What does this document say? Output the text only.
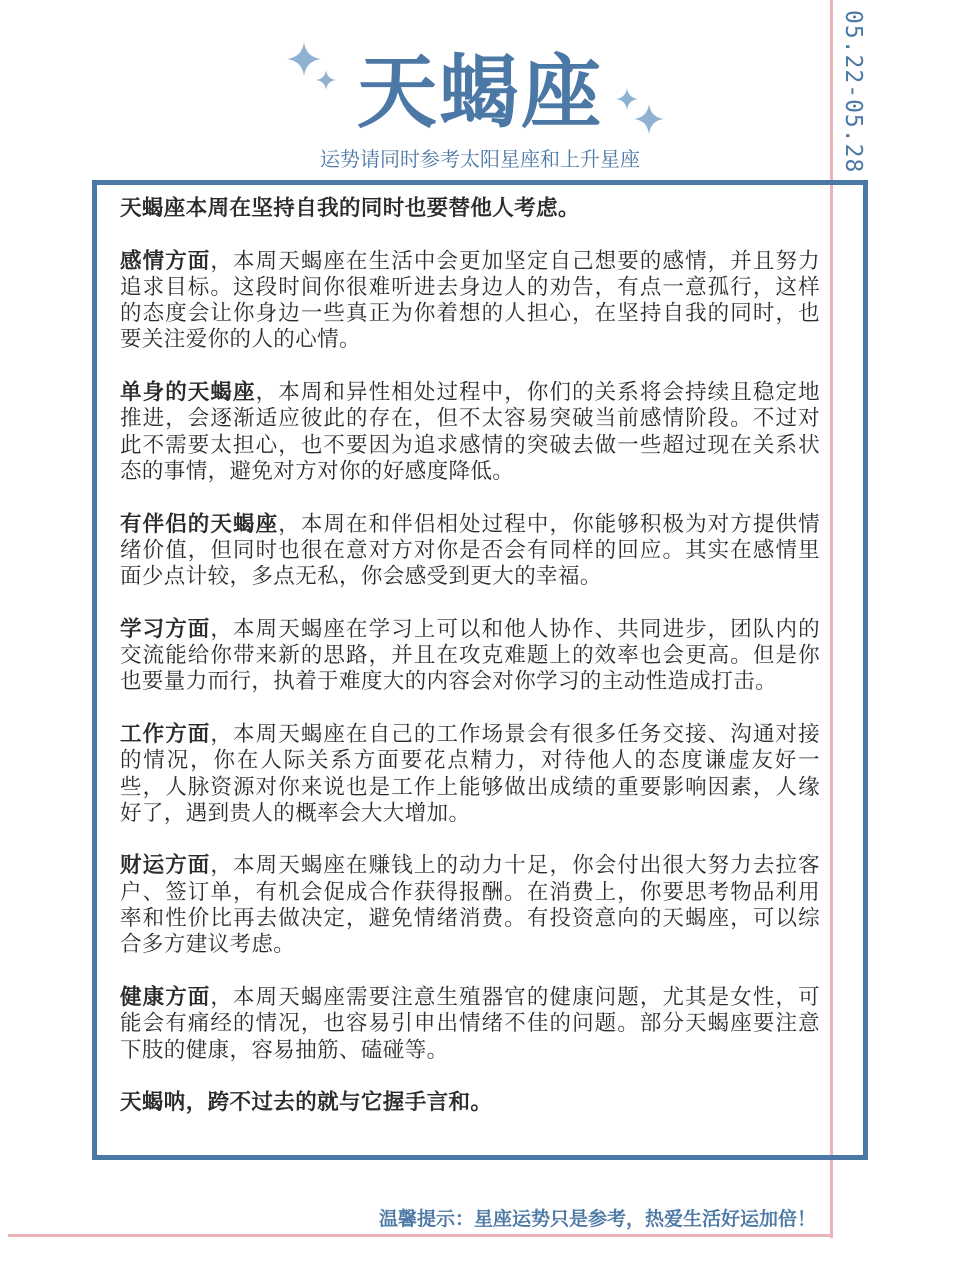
05.22-05.28
天蝎座
运势请同时参考太阳星座和上升星座

天蝎座本周在坚持自我的同时也要替他人考虑。

感情方面，本周天蝎座在生活中会更加坚定自己想要的感情，并且努力追求目标。这段时间你很难听进去身边人的劝告，有点一意孤行，这样的态度会让你身边一些真正为你着想的人担心，在坚持自我的同时，也要关注爱你的人的心情。

单身的天蝎座，本周和异性相处过程中，你们的关系将会持续且稳定地推进，会逐渐适应彼此的存在，但不太容易突破当前感情阶段。不过对此不需要太担心，也不要因为追求感情的突破去做一些超过现在关系状态的事情，避免对方对你的好感度降低。

有伴侣的天蝎座，本周在和伴侣相处过程中，你能够积极为对方提供情绪价值，但同时也很在意对方对你是否会有同样的回应。其实在感情里面少点计较，多点无私，你会感受到更大的幸福。

学习方面，本周天蝎座在学习上可以和他人协作、共同进步，团队内的交流能给你带来新的思路，并且在攻克难题上的效率也会更高。但是你也要量力而行，执着于难度大的内容会对你学习的主动性造成打击。

工作方面，本周天蝎座在自己的工作场景会有很多任务交接、沟通对接的情况，你在人际关系方面要花点精力，对待他人的态度谦虚友好一些，人脉资源对你来说也是工作上能够做出成绩的重要影响因素，人缘好了，遇到贵人的概率会大大增加。

财运方面，本周天蝎座在赚钱上的动力十足，你会付出很大努力去拉客户、签订单，有机会促成合作获得报酬。在消费上，你要思考物品利用率和性价比再去做决定，避免情绪消费。有投资意向的天蝎座，可以综合多方建议考虑。

健康方面，本周天蝎座需要注意生殖器官的健康问题，尤其是女性，可能会有痛经的情况，也容易引申出情绪不佳的问题。部分天蝎座要注意下肢的健康，容易抽筋、磕碰等。

天蝎呐，跨不过去的就与它握手言和。

温馨提示：星座运势只是参考，热爱生活好运加倍！
